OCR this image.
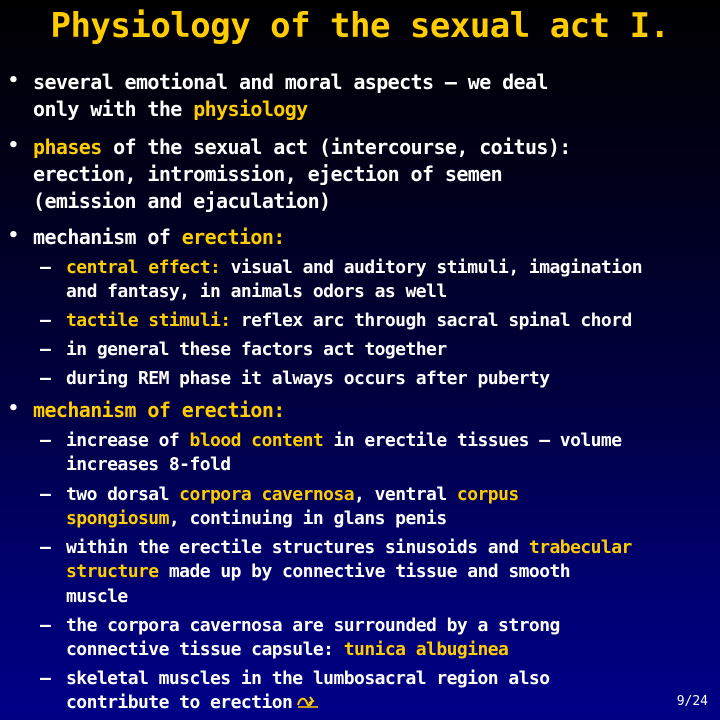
Physiology of the sexual act I.
• several emotional and moral aspects – we deal
only with the physiology
• phases of the sexual act (intercourse, coitus):
erection, intromission, ejection of semen
(emission and ejaculation)
• mechanism of erection:
– central effect: visual and auditory stimuli, imagination
and fantasy, in animals odors as well
– tactile stimuli: reflex arc through sacral spinal chord
– in general these factors act together
– during REM phase it always occurs after puberty
• mechanism of erection:
– increase of blood content in erectile tissues – volume
increases 8-fold
– two dorsal corpora cavernosa, ventral corpus
spongiosum, continuing in glans penis
– within the erectile structures sinusoids and trabecular
structure made up by connective tissue and smooth
muscle
– the corpora cavernosa are surrounded by a strong
connective tissue capsule: tunica albuginea
– skeletal muscles in the lumbosacral region also
contribute to erection	9/24
